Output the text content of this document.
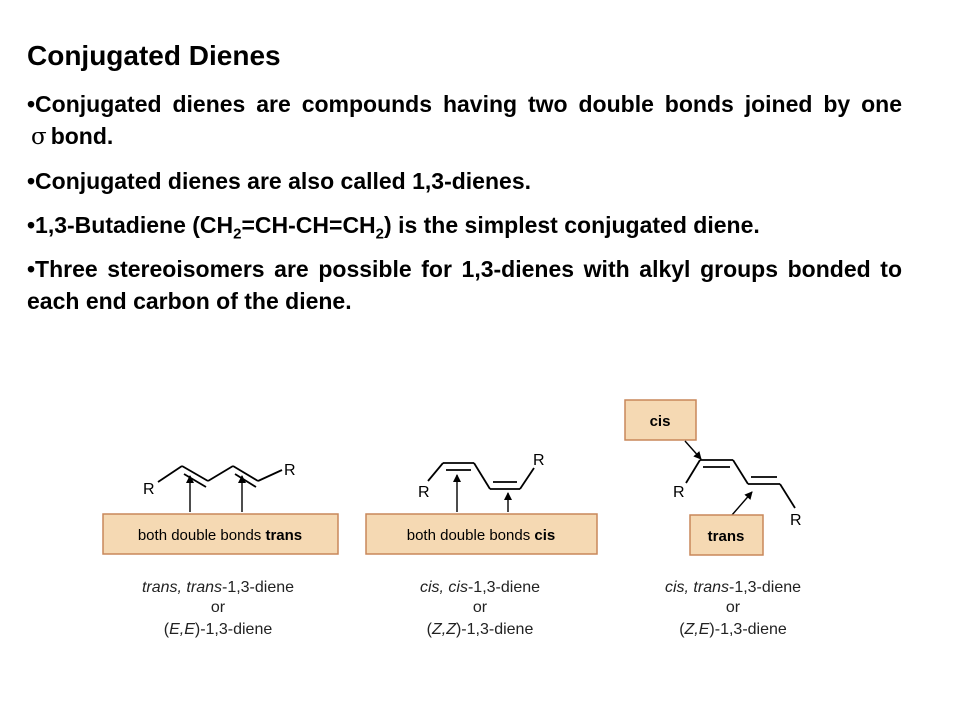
Conjugated Dienes
•Conjugated dienes are compounds having two double bonds joined by one σ bond.
•Conjugated dienes are also called 1,3-dienes.
•1,3-Butadiene $(CH_2=CH-CH=CH_2)$ is the simplest conjugated diene.
•Three stereoisomers are possible for 1,3-dienes with alkyl groups bonded to each end carbon of the diene.
R
R
both double bonds trans
trans, trans-1,3-diene
or
(E,E)-1,3-diene
R
R
both double bonds cis
cis, cis-1,3-diene
or
(Z,Z)-1,3-diene
cis
R
R
trans
cis, trans-1,3-diene
or
(Z,E)-1,3-diene
